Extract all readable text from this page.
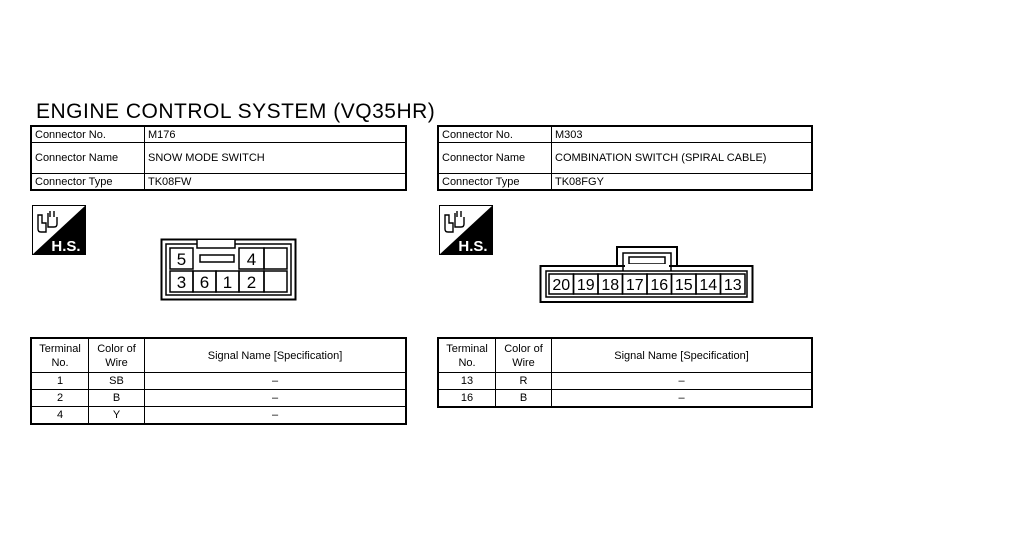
ENGINE CONTROL SYSTEM (VQ35HR)
Connector No.	M176
Connector Name	SNOW MODE SWITCH
Connector Type	TK08FW
Connector No.	M303
Connector Name	COMBINATION SWITCH (SPIRAL CABLE)
Connector Type	TK08FGY
H.S.	H.S.
5	4
3 6 1 2	20 19 18 17 16 15 14 13
Terminal No.	Color of Wire	Signal Name [Specification]
1	SB	–
2	B	–
4	Y	–
Terminal No.	Color of Wire	Signal Name [Specification]
13	R	–
16	B	–
